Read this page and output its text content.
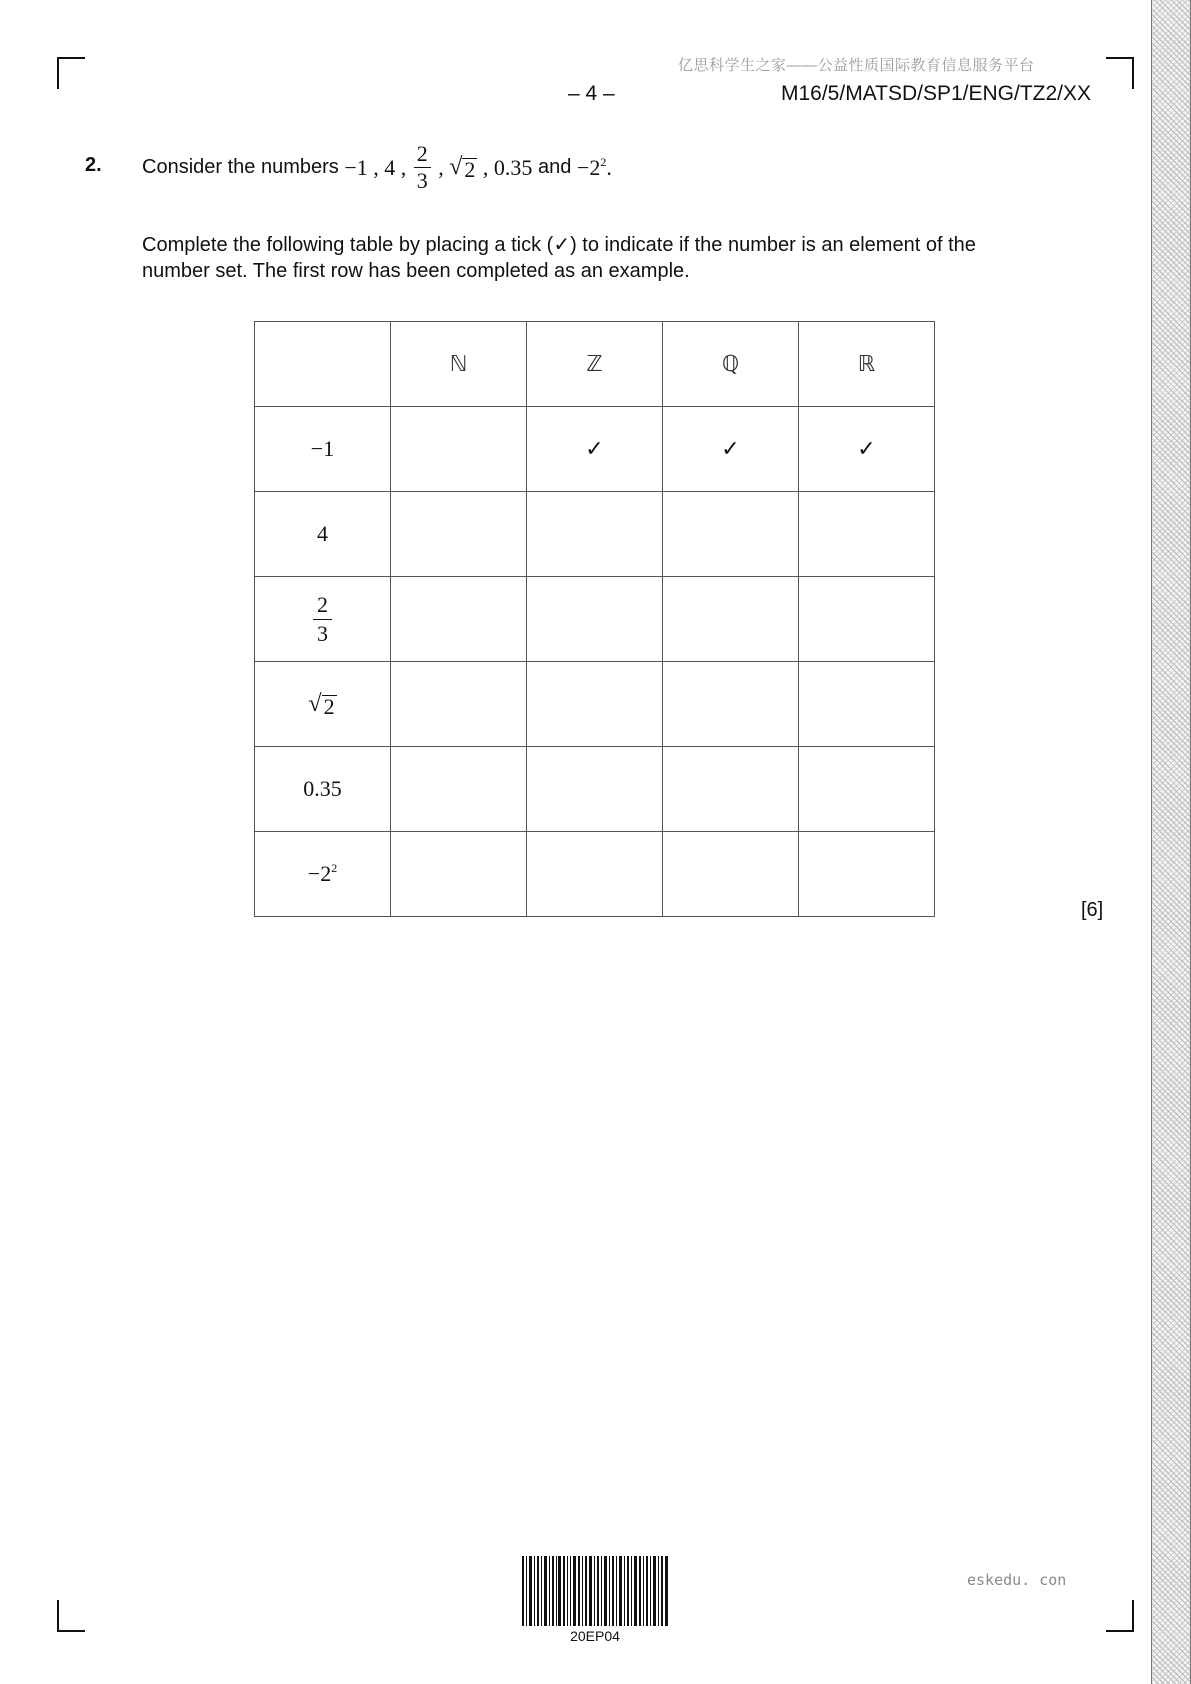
亿思科学生之家——公益性质国际教育信息服务平台
– 4 –	M16/5/MATSD/SP1/ENG/TZ2/XX
2. Consider the numbers −1 , 4 , $\frac{2}{3}$ , √ 2 , 0.35 and $-2^2$ .
Complete the following table by placing a tick (✓) to indicate if the number is an element of the number set. The first row has been completed as an example.
	ℕ	ℤ	ℚ	ℝ
−1		✓	✓	✓
4				

$\frac{2}{3}$

√ 2				

0.35				
$-2^2$				
[6]
20EP04
eskedu. con
